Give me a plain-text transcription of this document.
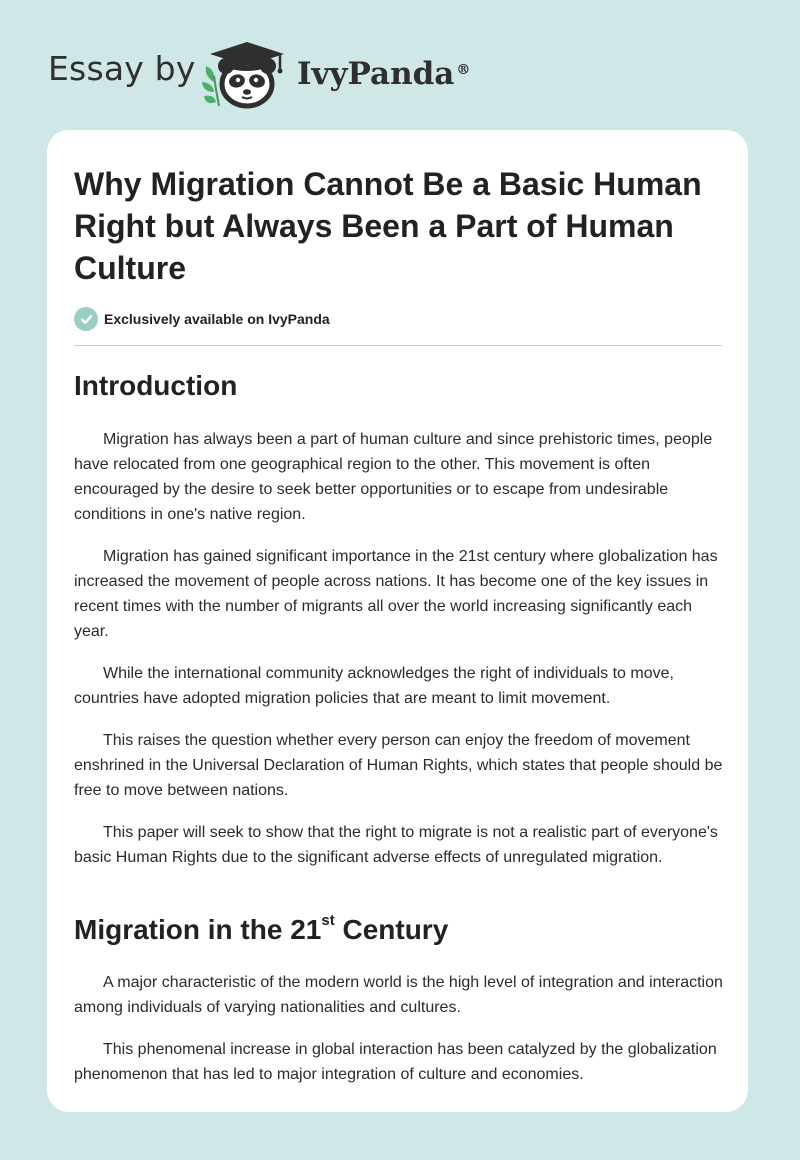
Essay by	IvyPanda ®
Why Migration Cannot Be a Basic Human Right but Always Been a Part of Human Culture
Exclusively available on IvyPanda
Introduction

Migration has always been a part of human culture and since prehistoric times, people have relocated from one geographical region to the other. This movement is often encouraged by the desire to seek better opportunities or to escape from undesirable conditions in one's native region.

Migration has gained significant importance in the 21st century where globalization has increased the movement of people across nations. It has become one of the key issues in recent times with the number of migrants all over the world increasing significantly each year.

While the international community acknowledges the right of individuals to move, countries have adopted migration policies that are meant to limit movement.

This raises the question whether every person can enjoy the freedom of movement enshrined in the Universal Declaration of Human Rights, which states that people should be free to move between nations.

This paper will seek to show that the right to migrate is not a realistic part of everyone's basic Human Rights due to the significant adverse effects of unregulated migration.

Migration in the 21st Century

A major characteristic of the modern world is the high level of integration and interaction among individuals of varying nationalities and cultures.

This phenomenal increase in global interaction has been catalyzed by the globalization phenomenon that has led to major integration of culture and economies.
